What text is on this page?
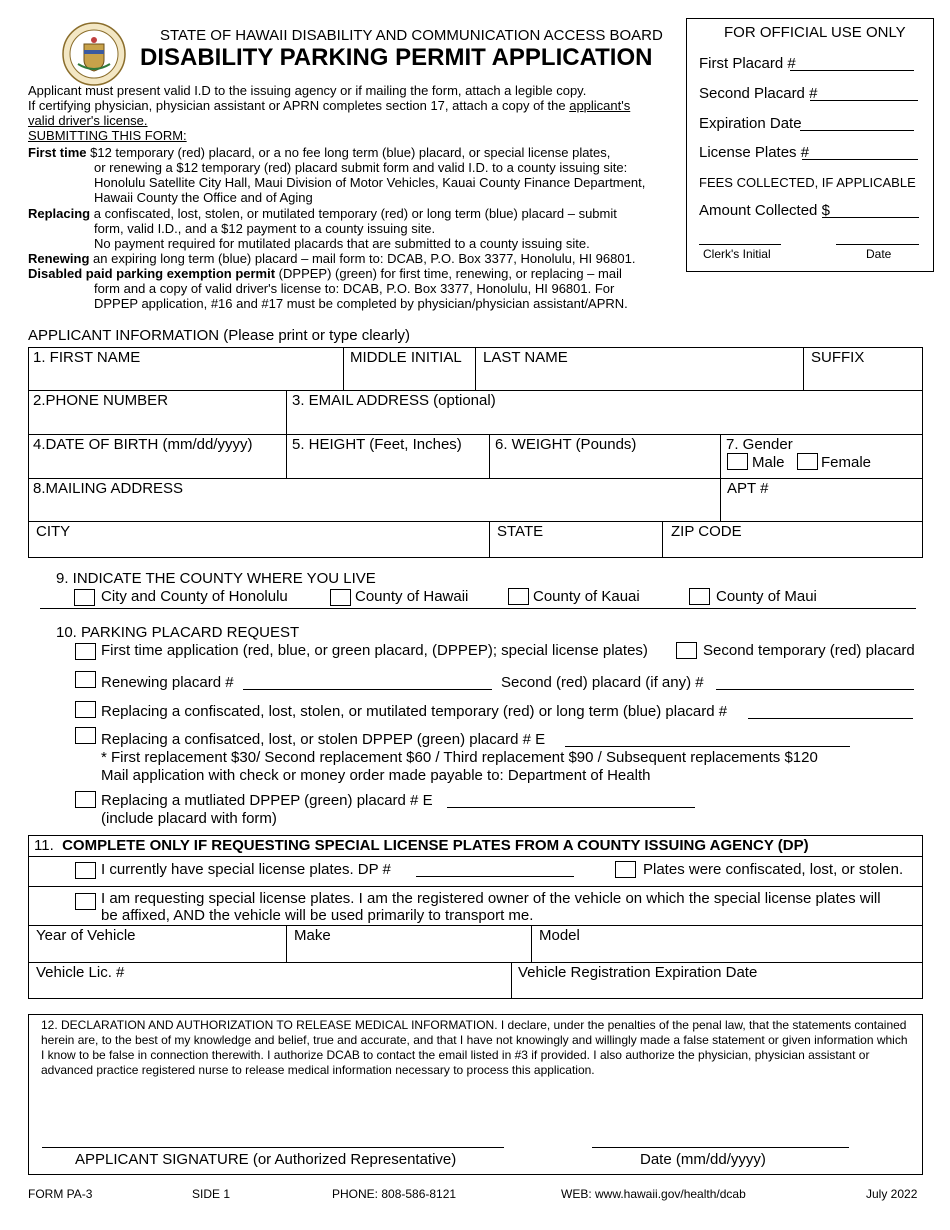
STATE OF HAWAII DISABILITY AND COMMUNICATION ACCESS BOARD
DISABILITY PARKING PERMIT APPLICATION
FOR OFFICIAL USE ONLY
First Placard #
Second Placard #
Expiration Date
License Plates #
FEES COLLECTED, IF APPLICABLE
Amount Collected $
Clerk's Initial	Date
Applicant must present valid I.D to the issuing agency or if mailing the form, attach a legible copy.
If certifying physician, physician assistant or APRN completes section 17, attach a copy of the applicant's
valid driver's license.
SUBMITTING THIS FORM:
First time $12 temporary (red) placard, or a no fee long term (blue) placard, or special license plates,
or renewing a $12 temporary (red) placard submit form and valid I.D. to a county issuing site:
Honolulu Satellite City Hall, Maui Division of Motor Vehicles, Kauai County Finance Department,
Hawaii County the Office and of Aging
Replacing a confiscated, lost, stolen, or mutilated temporary (red) or long term (blue) placard – submit
form, valid I.D., and a $12 payment to a county issuing site.
No payment required for mutilated placards that are submitted to a county issuing site.
Renewing an expiring long term (blue) placard – mail form to: DCAB, P.O. Box 3377, Honolulu, HI 96801.
Disabled paid parking exemption permit (DPPEP) (green) for first time, renewing, or replacing – mail
form and a copy of valid driver's license to: DCAB, P.O. Box 3377, Honolulu, HI 96801. For
DPPEP application, #16 and #17 must be completed by physician/physician assistant/APRN.
APPLICANT INFORMATION (Please print or type clearly)
1. FIRST NAME	MIDDLE INITIAL LAST NAME	SUFFIX
2.PHONE NUMBER	3. EMAIL ADDRESS (optional)
4.DATE OF BIRTH (mm/dd/yyyy)	5. HEIGHT (Feet, Inches) 6. WEIGHT (Pounds)	7. Gender
Male Female
8.MAILING ADDRESS	APT #
CITY	STATE	ZIP CODE
9. INDICATE THE COUNTY WHERE YOU LIVE
City and County of Honolulu	County of Hawaii	County of Kauai	County of Maui
10. PARKING PLACARD REQUEST
First time application (red, blue, or green placard, (DPPEP); special license plates)	Second temporary (red) placard
Renewing placard #	Second (red) placard (if any) #
Replacing a confiscated, lost, stolen, or mutilated temporary (red) or long term (blue) placard #
Replacing a confisatced, lost, or stolen DPPEP (green) placard # E
* First replacement $30/ Second replacement $60 / Third replacement $90 / Subsequent replacements $120
Mail application with check or money order made payable to: Department of Health
Replacing a mutliated DPPEP (green) placard # E
(include placard with form)
11. COMPLETE ONLY IF REQUESTING SPECIAL LICENSE PLATES FROM A COUNTY ISSUING AGENCY (DP)
I currently have special license plates. DP #	Plates were confiscated, lost, or stolen.
I am requesting special license plates. I am the registered owner of the vehicle on which the special license plates will
be affixed, AND the vehicle will be used primarily to transport me.
Year of Vehicle	Make	Model
Vehicle Lic. #	Vehicle Registration Expiration Date
12. DECLARATION AND AUTHORIZATION TO RELEASE MEDICAL INFORMATION. I declare, under the penalties of the penal law, that the statements contained herein are, to the best of my knowledge and belief, true and accurate, and that I have not knowingly and willingly made a false statement or given information which I know to be false in connection therewith. I authorize DCAB to contact the email listed in #3 if provided. I also authorize the physician, physician assistant or advanced practice registered nurse to release medical information necessary to process this application.
APPLICANT SIGNATURE (or Authorized Representative)	Date (mm/dd/yyyy)
FORM PA-3	SIDE 1	PHONE: 808-586-8121	WEB: www.hawaii.gov/health/dcab	July 2022
